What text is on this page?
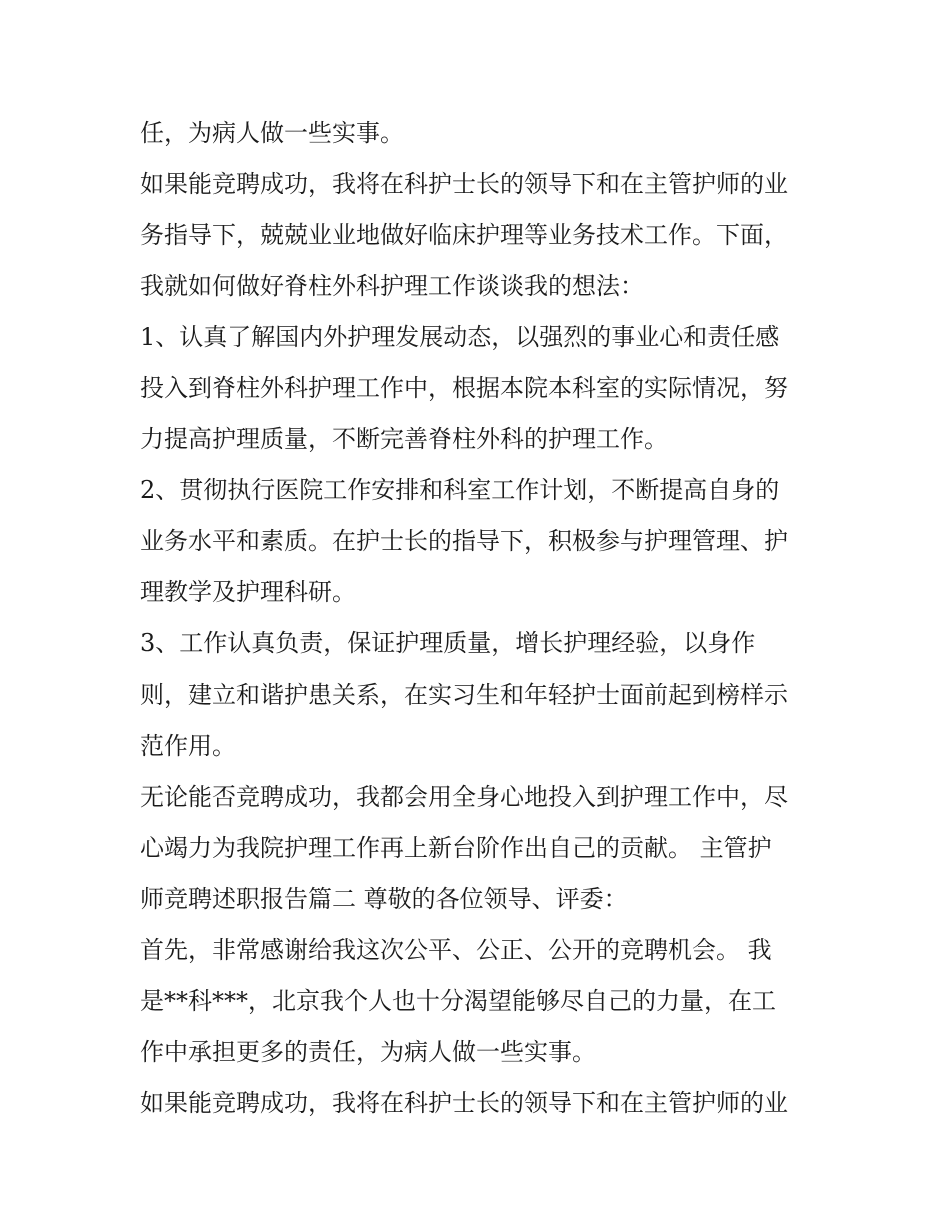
任，为病人做一些实事。
如果能竞聘成功，我将在科护士长的领导下和在主管护师的业
务指导下，兢兢业业地做好临床护理等业务技术工作。下面，
我就如何做好脊柱外科护理工作谈谈我的想法：
1、认真了解国内外护理发展动态，以强烈的事业心和责任感
投入到脊柱外科护理工作中，根据本院本科室的实际情况，努
力提高护理质量，不断完善脊柱外科的护理工作。
2、贯彻执行医院工作安排和科室工作计划，不断提高自身的
业务水平和素质。在护士长的指导下，积极参与护理管理、护
理教学及护理科研。
3、工作认真负责，保证护理质量，增长护理经验，以身作
则，建立和谐护患关系，在实习生和年轻护士面前起到榜样示
范作用。
无论能否竞聘成功，我都会用全身心地投入到护理工作中，尽
心竭力为我院护理工作再上新台阶作出自己的贡献。 主管护
师竞聘述职报告篇二 尊敬的各位领导、评委：
首先，非常感谢给我这次公平、公正、公开的竞聘机会。 我
是**科***，北京我个人也十分渴望能够尽自己的力量，在工
作中承担更多的责任，为病人做一些实事。
如果能竞聘成功，我将在科护士长的领导下和在主管护师的业
